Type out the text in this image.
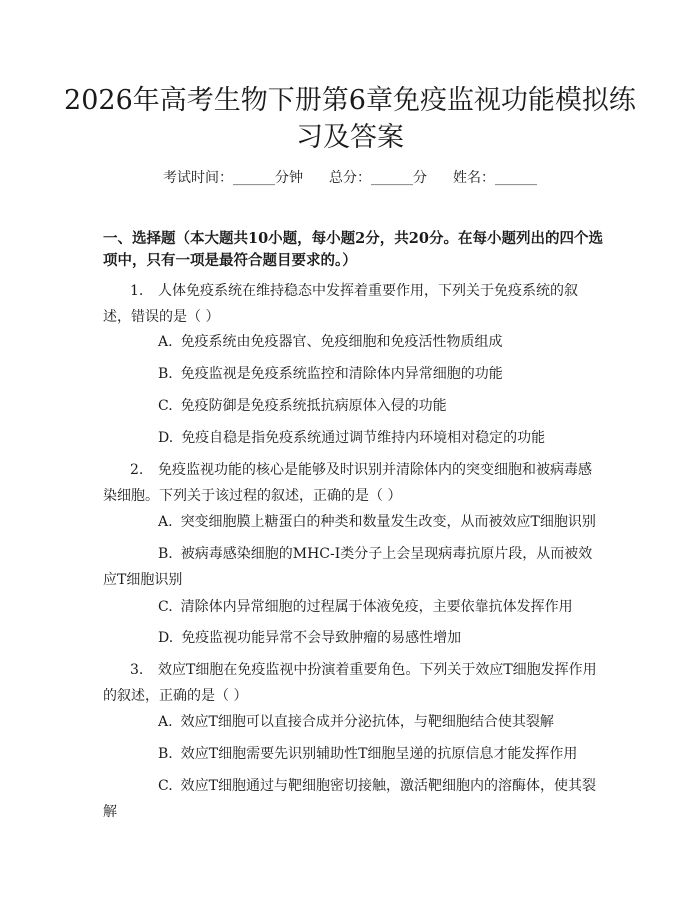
2026年高考生物下册第6章免疫监视功能模拟练习及答案
考试时间：______分钟 总分：______分 姓名：______
一、选择题（本大题共10小题，每小题2分，共20分。在每小题列出的四个选项中，只有一项是最符合题目要求的。）
1. 人体免疫系统在维持稳态中发挥着重要作用，下列关于免疫系统的叙述，错误的是（ ）
A. 免疫系统由免疫器官、免疫细胞和免疫活性物质组成
B. 免疫监视是免疫系统监控和清除体内异常细胞的功能
C. 免疫防御是免疫系统抵抗病原体入侵的功能
D. 免疫自稳是指免疫系统通过调节维持内环境相对稳定的功能
2. 免疫监视功能的核心是能够及时识别并清除体内的突变细胞和被病毒感染细胞。下列关于该过程的叙述，正确的是（ ）
A. 突变细胞膜上糖蛋白的种类和数量发生改变，从而被效应T细胞识别
B. 被病毒感染细胞的MHC-I类分子上会呈现病毒抗原片段，从而被效应T细胞识别
C. 清除体内异常细胞的过程属于体液免疫，主要依靠抗体发挥作用
D. 免疫监视功能异常不会导致肿瘤的易感性增加
3. 效应T细胞在免疫监视中扮演着重要角色。下列关于效应T细胞发挥作用的叙述，正确的是（ ）
A. 效应T细胞可以直接合成并分泌抗体，与靶细胞结合使其裂解
B. 效应T细胞需要先识别辅助性T细胞呈递的抗原信息才能发挥作用
C. 效应T细胞通过与靶细胞密切接触，激活靶细胞内的溶酶体，使其裂解
